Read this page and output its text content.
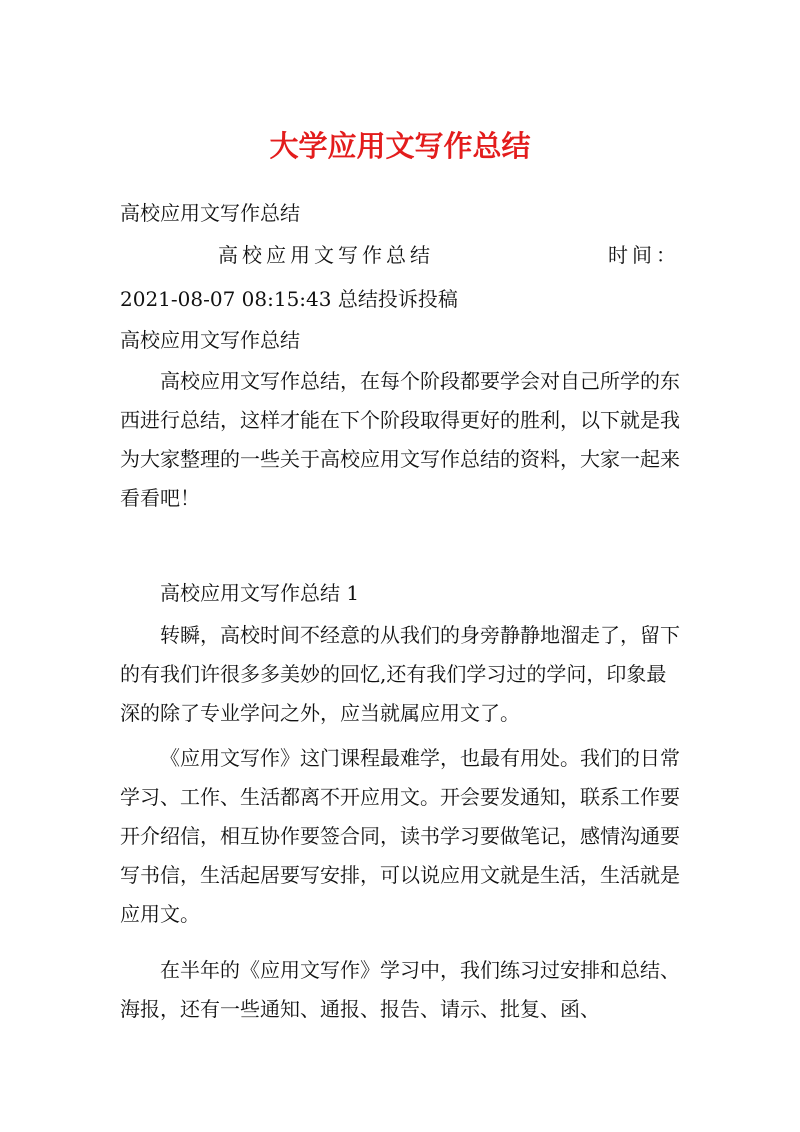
大学应用文写作总结
高校应用文写作总结
高校应用文写作总结	时间：
2021-08-07 08:15:43 总结投诉投稿
高校应用文写作总结

高校应用文写作总结，在每个阶段都要学会对自己所学的东西进行总结，这样才能在下个阶段取得更好的胜利，以下就是我为大家整理的一些关于高校应用文写作总结的资料，大家一起来看看吧！

高校应用文写作总结 1

转瞬，高校时间不经意的从我们的身旁静静地溜走了，留下的有我们许很多多美妙的回忆,还有我们学习过的学问，印象最深的除了专业学问之外，应当就属应用文了。

《应用文写作》这门课程最难学，也最有用处。我们的日常学习、工作、生活都离不开应用文。开会要发通知，联系工作要开介绍信，相互协作要签合同，读书学习要做笔记，感情沟通要写书信，生活起居要写安排，可以说应用文就是生活，生活就是应用文。

在半年的《应用文写作》学习中，我们练习过安排和总结、海报，还有一些通知、通报、报告、请示、批复、函、
